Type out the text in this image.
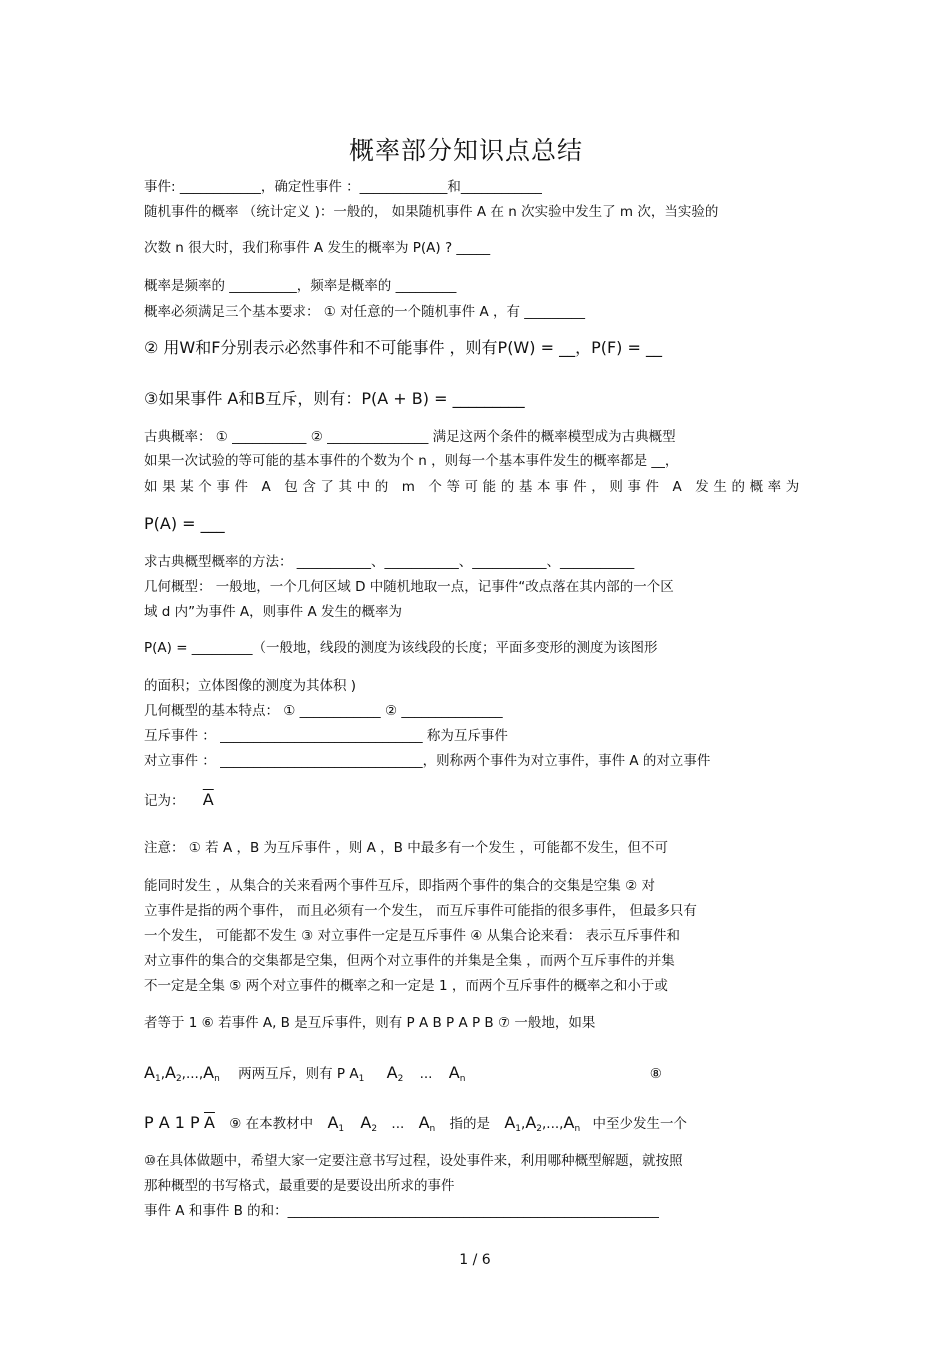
概率部分知识点总结
事件: ____________，确定性事件 ：_____________和____________
随机事件的概率 （统计定义 )：一般的， 如果随机事件 A 在 n 次实验中发生了 m 次，当实验的
次数 n 很大时，我们称事件 A 发生的概率为 P(A) ? _____
概率是频率的 __________，频率是概率的 _________
概率必须满足三个基本要求： ① 对任意的一个随机事件 A ，有 _________
② 用W和F分别表示必然事件和不可能事件 ，则有P(W) = __，P(F) = __
③如果事件 A和B互斥，则有：P(A + B) = _________
古典概率： ① ___________ ② _______________ 满足这两个条件的概率模型成为古典概型
如果一次试验的等可能的基本事件的个数为个 n ，则每一个基本事件发生的概率都是 __，
如果某个事件 A 包含了其中的 m 个等可能的基本事件，则事件 A 发生的概率为
P(A) = ___
求古典概型概率的方法： ___________、___________、___________、___________
几何概型： 一般地，一个几何区域 D 中随机地取一点，记事件“改点落在其内部的一个区
域 d 内”为事件 A，则事件 A 发生的概率为
P(A) = _________（一般地，线段的测度为该线段的长度；平面多变形的测度为该图形
的面积；立体图像的测度为其体积 )
几何概型的基本特点： ① ____________ ② _______________
互斥事件 ： ______________________________ 称为互斥事件
对立事件 ： ______________________________，则称两个事件为对立事件，事件 A 的对立事件
记为： $\overline{A}$
注意： ① 若 A ，B 为互斥事件 ，则 A ，B 中最多有一个发生 ，可能都不发生，但不可
能同时发生 ，从集合的关来看两个事件互斥，即指两个事件的集合的交集是空集 ② 对
立事件是指的两个事件， 而且必须有一个发生， 而互斥事件可能指的很多事件， 但最多只有
一个发生， 可能都不发生 ③ 对立事件一定是互斥事件 ④ 从集合论来看： 表示互斥事件和
对立事件的集合的交集都是空集，但两个对立事件的并集是全集 ，而两个互斥事件的并集
不一定是全集 ⑤ 两个对立事件的概率之和一定是 1 ，而两个互斥事件的概率之和小于或
者等于 1 ⑥ 若事件 A, B 是互斥事件，则有 P A B P A P B ⑦ 一般地，如果
$A_1,A_2,...,A_n$ 两两互斥，则有 P $A_1$ $A_2$ ... $A_n$	⑧
P A 1 P $\overline{A}$ ⑨ 在本教材中 $A_1$ $A_2$ ... $A_n$ 指的是 $A_1,A_2,...,A_n$ 中至少发生一个
⑩在具体做题中，希望大家一定要注意书写过程，设处事件来，利用哪种概型解题，就按照
那种概型的书写格式，最重要的是要设出所求的事件
事件 A 和事件 B 的和：_______________________________________________________
1 / 6
